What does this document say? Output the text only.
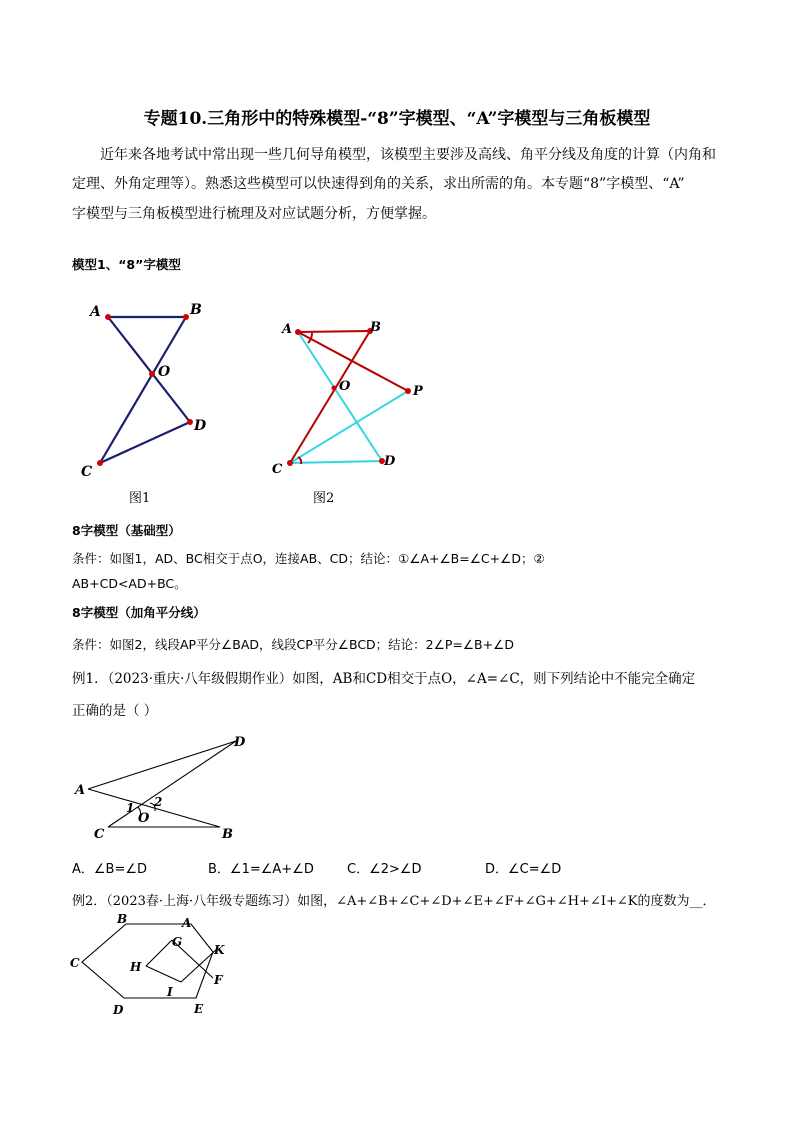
专题10.三角形中的特殊模型-“8”字模型、“A”字模型与三角板模型
近年来各地考试中常出现一些几何导角模型，该模型主要涉及高线、角平分线及角度的计算（内角和
定理、外角定理等）。熟悉这些模型可以快速得到角的关系，求出所需的角。本专题“8”字模型、“A”
字模型与三角板模型进行梳理及对应试题分析，方便掌握。
模型1、“8”字模型
A	B
O
D
C
图1
A	B
O	P
C
D
图2
8字模型（基础型）
条件：如图1，AD、BC相交于点O，连接AB、CD；结论：①∠A+∠B=∠C+∠D；②
AB+CD<AD+BC。
8字模型（加角平分线）
条件：如图2，线段AP平分∠BAD，线段CP平分∠BCD；结论：2∠P=∠B+∠D
例1．（2023·重庆·八年级假期作业）如图，AB和CD相交于点O，∠A=∠C，则下列结论中不能完全确定
正确的是（ ）
A
B
C
D
O
1 2
A．∠B=∠D	B．∠1=∠A+∠D	C．∠2>∠D	D．∠C=∠D
例2．（2023春·上海·八年级专题练习）如图，∠A+∠B+∠C+∠D+∠E+∠F+∠G+∠H+∠I+∠K的度数为__．
B	A
C
G
K
H
F
I
D	E
